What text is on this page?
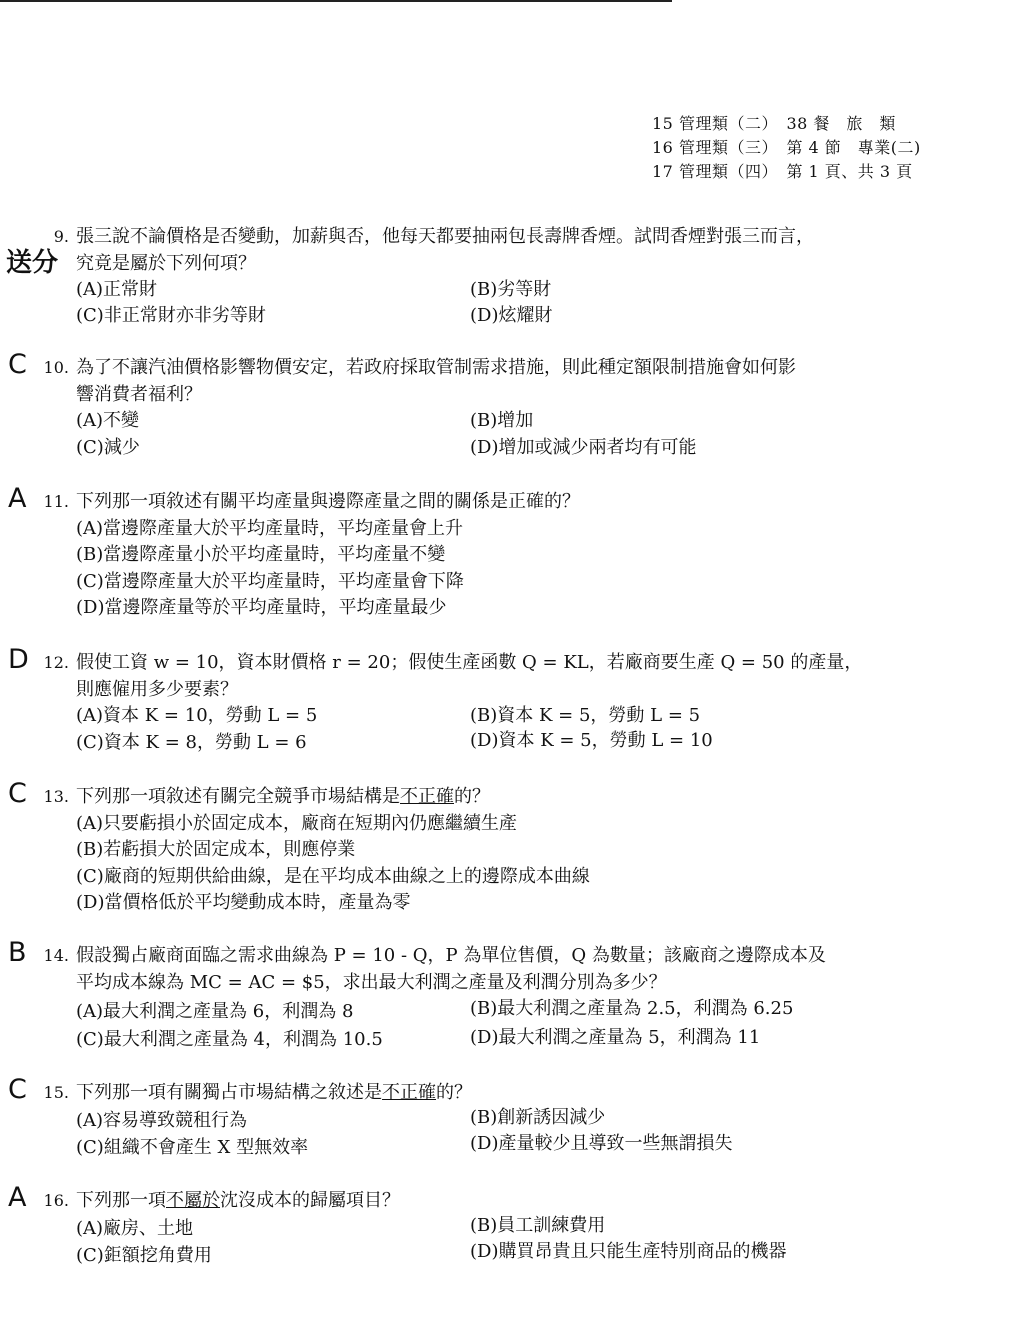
15 管理類（二）　38 餐　旅　類
16 管理類（三）　第 4 節　專業(二)
17 管理類（四）　第 1 頁、共 3 頁
送分
9. 張三說不論價格是否變動，加薪與否，他每天都要抽兩包長壽牌香煙。試問香煙對張三而言，
究竟是屬於下列何項？
(A)正常財	(B)劣等財
(C)非正常財亦非劣等財	(D)炫耀財
C 10. 為了不讓汽油價格影響物價安定，若政府採取管制需求措施，則此種定額限制措施會如何影
響消費者福利？
(A)不變	(B)增加
(C)減少	(D)增加或減少兩者均有可能
A 11. 下列那一項敘述有關平均產量與邊際產量之間的關係是正確的？
(A)當邊際產量大於平均產量時，平均產量會上升
(B)當邊際產量小於平均產量時，平均產量不變
(C)當邊際產量大於平均產量時，平均產量會下降
(D)當邊際產量等於平均產量時，平均產量最少
D 12. 假使工資 w = 10，資本財價格 r = 20；假使生產函數 Q = KL，若廠商要生產 Q = 50 的產量，
則應僱用多少要素？
(A)資本 K = 10，勞動 L = 5	(B)資本 K = 5，勞動 L = 5
(C)資本 K = 8，勞動 L = 6	(D)資本 K = 5，勞動 L = 10
C 13. 下列那一項敘述有關完全競爭市場結構是不正確的？
(A)只要虧損小於固定成本，廠商在短期內仍應繼續生產
(B)若虧損大於固定成本，則應停業
(C)廠商的短期供給曲線，是在平均成本曲線之上的邊際成本曲線
(D)當價格低於平均變動成本時，產量為零
B 14. 假設獨占廠商面臨之需求曲線為 P = 10 - Q，P 為單位售價，Q 為數量；該廠商之邊際成本及
平均成本線為 MC = AC = $5，求出最大利潤之產量及利潤分別為多少？
(A)最大利潤之產量為 6，利潤為 8	(B)最大利潤之產量為 2.5，利潤為 6.25
(C)最大利潤之產量為 4，利潤為 10.5	(D)最大利潤之產量為 5，利潤為 11
C 15. 下列那一項有關獨占市場結構之敘述是不正確的？
(A)容易導致競租行為	(B)創新誘因減少
(C)組織不會產生 X 型無效率	(D)產量較少且導致一些無謂損失
A 16. 下列那一項不屬於沈沒成本的歸屬項目？
(A)廠房、土地	(B)員工訓練費用
(C)鉅額挖角費用	(D)購買昂貴且只能生產特別商品的機器
